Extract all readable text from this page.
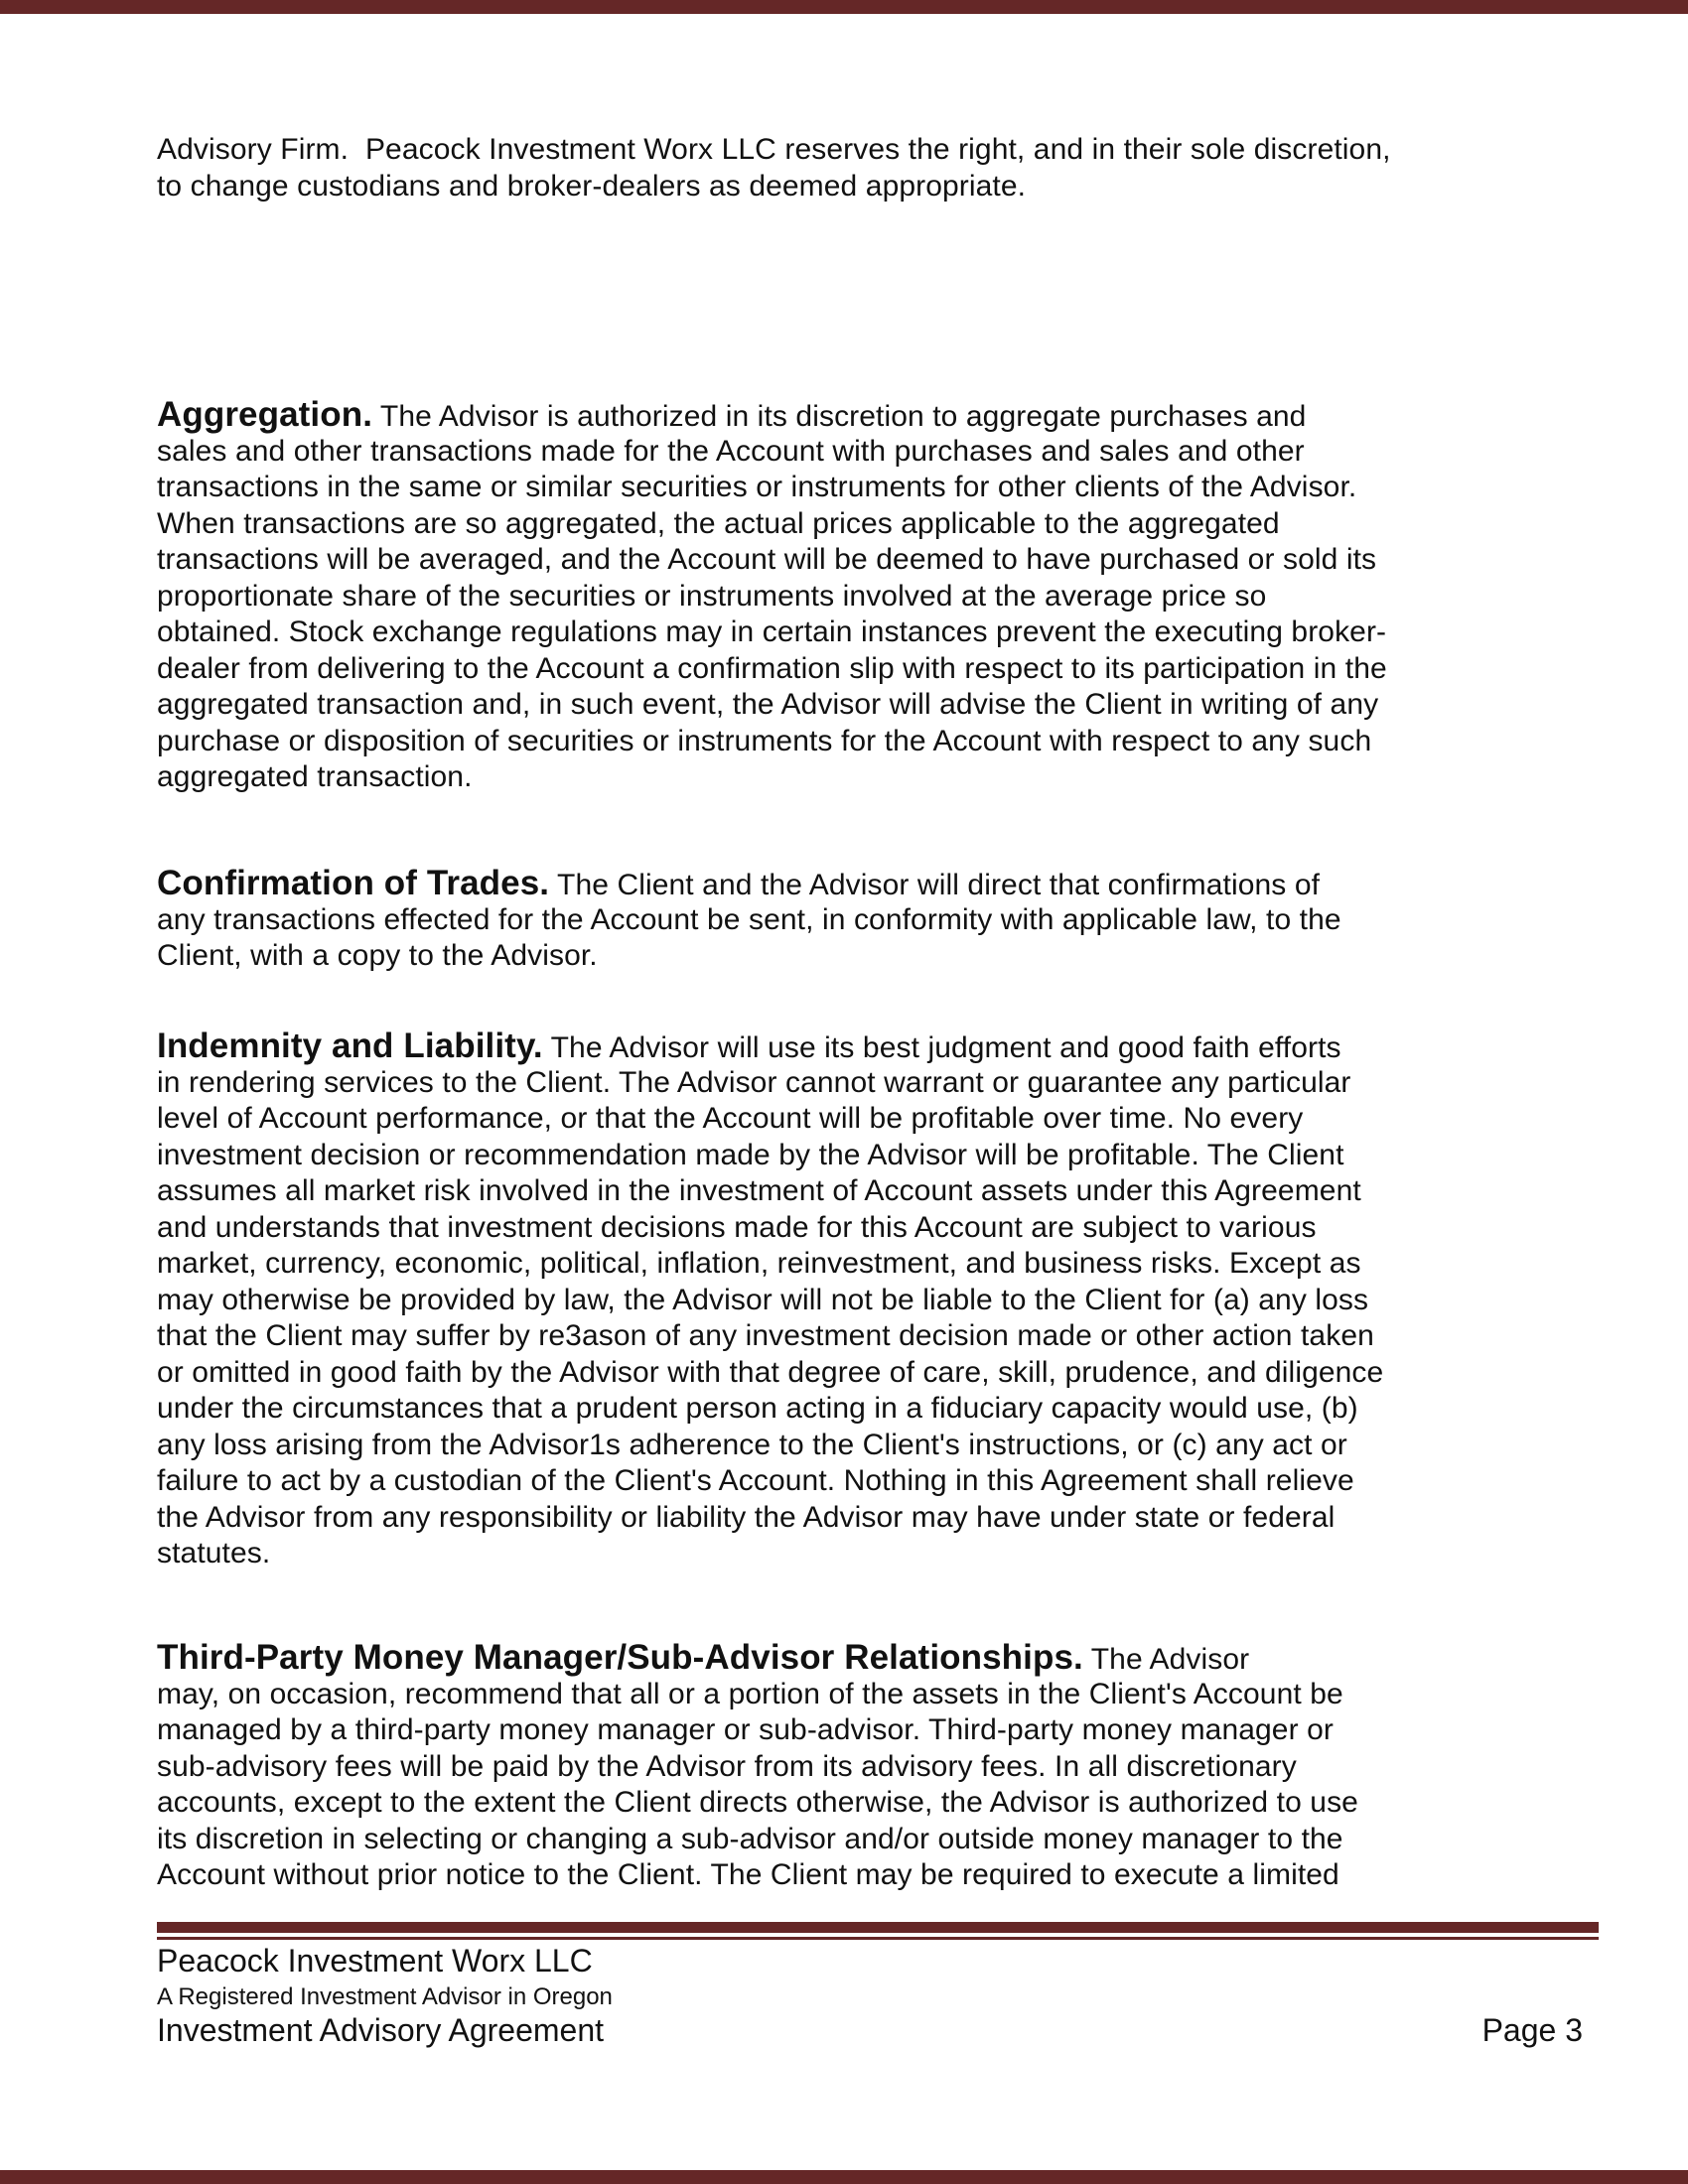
Advisory Firm.  Peacock Investment Worx LLC reserves the right, and in their sole discretion,
to change custodians and broker-dealers as deemed appropriate.
Aggregation. The Advisor is authorized in its discretion to aggregate purchases and
sales and other transactions made for the Account with purchases and sales and other
transactions in the same or similar securities or instruments for other clients of the Advisor.
When transactions are so aggregated, the actual prices applicable to the aggregated
transactions will be averaged, and the Account will be deemed to have purchased or sold its
proportionate share of the securities or instruments involved at the average price so
obtained. Stock exchange regulations may in certain instances prevent the executing broker-
dealer from delivering to the Account a confirmation slip with respect to its participation in the
aggregated transaction and, in such event, the Advisor will advise the Client in writing of any
purchase or disposition of securities or instruments for the Account with respect to any such
aggregated transaction.
Confirmation of Trades. The Client and the Advisor will direct that confirmations of
any transactions effected for the Account be sent, in conformity with applicable law, to the
Client, with a copy to the Advisor.
Indemnity and Liability. The Advisor will use its best judgment and good faith efforts
in rendering services to the Client. The Advisor cannot warrant or guarantee any particular
level of Account performance, or that the Account will be profitable over time. No every
investment decision or recommendation made by the Advisor will be profitable. The Client
assumes all market risk involved in the investment of Account assets under this Agreement
and understands that investment decisions made for this Account are subject to various
market, currency, economic, political, inflation, reinvestment, and business risks. Except as
may otherwise be provided by law, the Advisor will not be liable to the Client for (a) any loss
that the Client may suffer by re3ason of any investment decision made or other action taken
or omitted in good faith by the Advisor with that degree of care, skill, prudence, and diligence
under the circumstances that a prudent person acting in a fiduciary capacity would use, (b)
any loss arising from the Advisor1s adherence to the Client's instructions, or (c) any act or
failure to act by a custodian of the Client's Account. Nothing in this Agreement shall relieve
the Advisor from any responsibility or liability the Advisor may have under state or federal
statutes.
Third-Party Money Manager/Sub-Advisor Relationships. The Advisor
may, on occasion, recommend that all or a portion of the assets in the Client's Account be
managed by a third-party money manager or sub-advisor. Third-party money manager or
sub-advisory fees will be paid by the Advisor from its advisory fees. In all discretionary
accounts, except to the extent the Client directs otherwise, the Advisor is authorized to use
its discretion in selecting or changing a sub-advisor and/or outside money manager to the
Account without prior notice to the Client. The Client may be required to execute a limited
Peacock Investment Worx LLC
A Registered Investment Advisor in Oregon
Investment Advisory Agreement	Page 3
